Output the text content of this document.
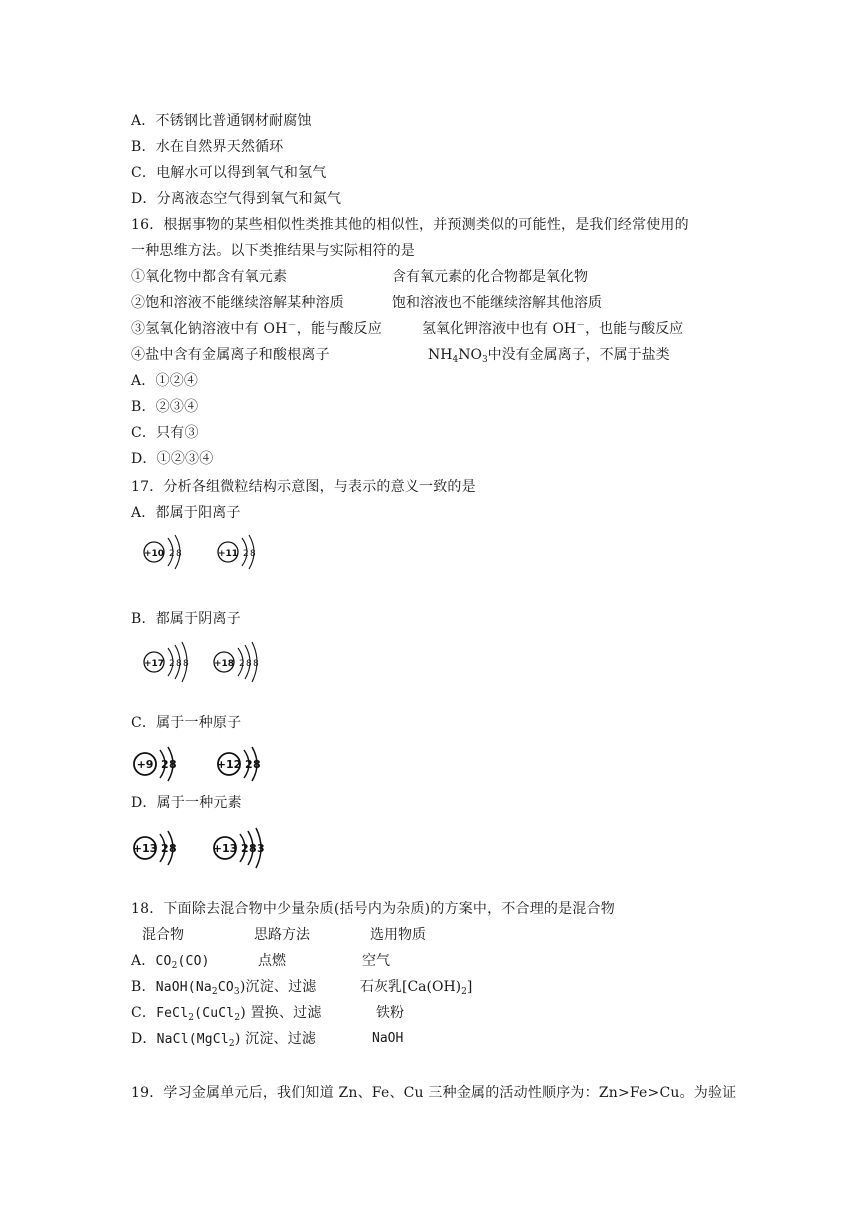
A．不锈钢比普通钢材耐腐蚀
B．水在自然界天然循环
C．电解水可以得到氧气和氢气
D．分离液态空气得到氧气和氮气
16．根据事物的某些相似性类推其他的相似性，并预测类似的可能性，是我们经常使用的
一种思维方法。以下类推结果与实际相符的是
①氧化物中都含有氧元素	含有氧元素的化合物都是氧化物
②饱和溶液不能继续溶解某种溶质	饱和溶液也不能继续溶解其他溶质
③氢氧化钠溶液中有 OH－，能与酸反应	氢氧化钾溶液中也有 OH－，也能与酸反应
④盐中含有金属离子和酸根离子	$NH_4NO_3$中没有金属离子，不属于盐类
A．①②④
B．②③④
C．只有③
D．①②③④
17．分析各组微粒结构示意图，与表示的意义一致的是
A．都属于阳离子
+10 2 8	+11 2 8
B．都属于阴离子
+17 2 8 8	+18 2 8 8
C．属于一种原子
+9 2 8	+12 2 8
D．属于一种元素
+13 2 8	+13 2 8 3
18．下面除去混合物中少量杂质(括号内为杂质)的方案中，不合理的是混合物
混合物	思路方法	选用物质
A．$CO_2(CO)$	点燃	空气
B．$NaOH(Na_2CO_3)$沉淀、过滤	石灰乳$[Ca(OH)_2]$
C．FeCl$_2$(CuCl$_2$) 置换、过滤	铁粉
D．NaCl(MgCl$_2$) 沉淀、过滤	NaOH
19．学习金属单元后，我们知道 Zn、Fe、Cu 三种金属的活动性顺序为：Zn>Fe>Cu。为验证
